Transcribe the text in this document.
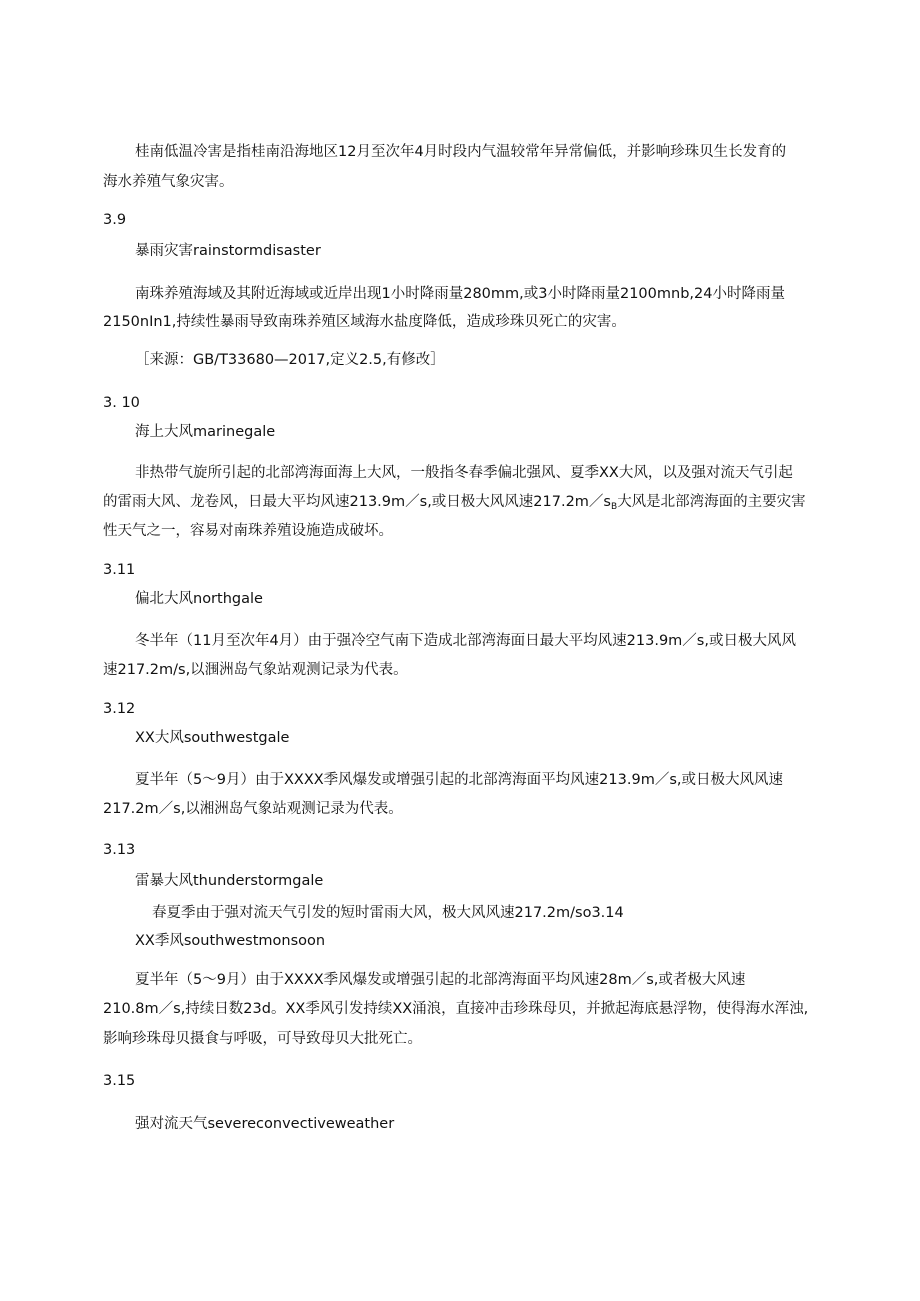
桂南低温冷害是指桂南沿海地区12月至次年4月时段内气温较常年异常偏低，并影响珍珠贝生长发育的
海水养殖气象灾害。
3.9
暴雨灾害rainstormdisaster
南珠养殖海域及其附近海域或近岸出现1小时降雨量280mm,或3小时降雨量2100mnb,24小时降雨量
2150nIn1,持续性暴雨导致南珠养殖区域海水盐度降低，造成珍珠贝死亡的灾害。
［来源：GB/T33680—2017,定义2.5,有修改］
3. 10
海上大风marinegale
非热带气旋所引起的北部湾海面海上大风，一般指冬春季偏北强风、夏季XX大风，以及强对流天气引起
的雷雨大风、龙卷风，日最大平均风速213.9m／s,或日极大风风速$217.2m/s_B$大风是北部湾海面的主要灾害
性天气之一，容易对南珠养殖设施造成破坏。
3.11
偏北大风northgale
冬半年（11月至次年4月）由于强冷空气南下造成北部湾海面日最大平均风速213.9m／s,或日极大风风
速217.2m/s,以涠洲岛气象站观测记录为代表。
3.12
XX大风southwestgale
夏半年（5～9月）由于XXXX季风爆发或增强引起的北部湾海面平均风速213.9m／s,或日极大风风速
217.2m／s,以湘洲岛气象站观测记录为代表。
3.13
雷暴大风thunderstormgale
春夏季由于强对流天气引发的短时雷雨大风，极大风风速217.2m/so3.14
XX季风southwestmonsoon
夏半年（5～9月）由于XXXX季风爆发或增强引起的北部湾海面平均风速28m／s,或者极大风速
210.8m／s,持续日数23d。XX季风引发持续XX涌浪，直接冲击珍珠母贝，并掀起海底悬浮物，使得海水浑浊,
影响珍珠母贝摄食与呼吸，可导致母贝大批死亡。
3.15
强对流天气severeconvectiveweather
